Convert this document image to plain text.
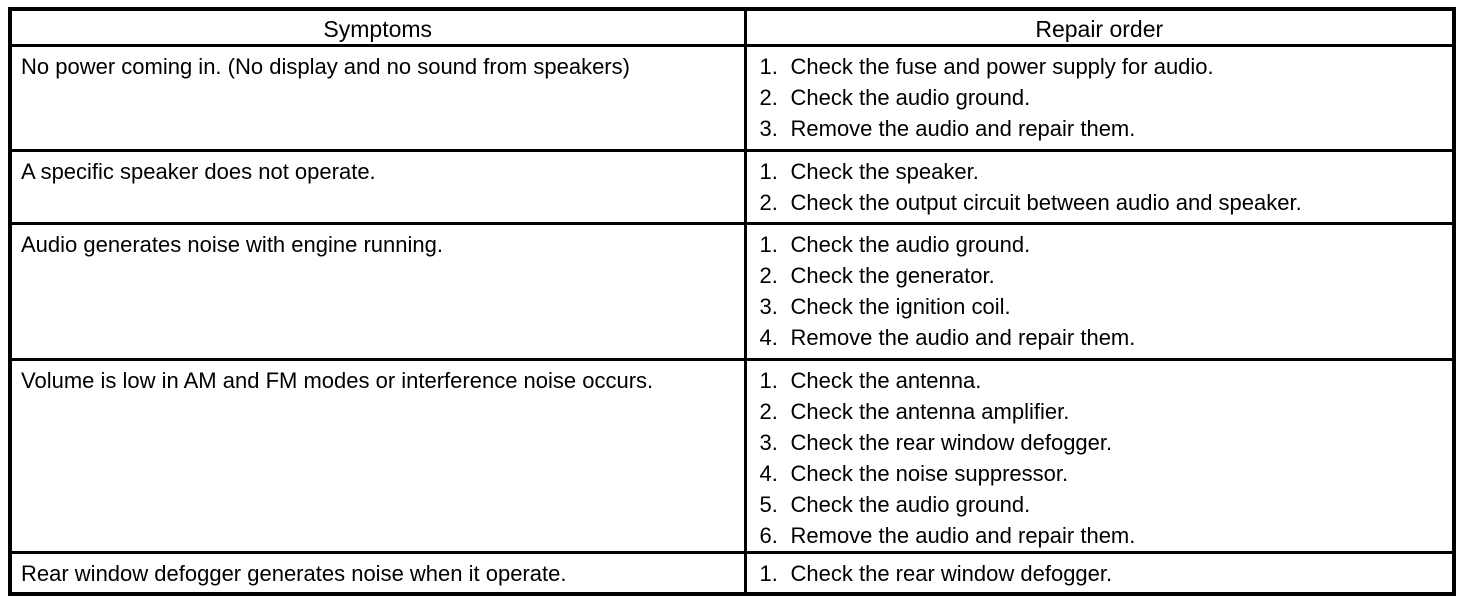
Symptoms	Repair order
No power coming in. (No display and no sound from speakers)	1. Check the fuse and power supply for audio.
2. Check the audio ground.
3. Remove the audio and repair them.

A specific speaker does not operate.	1. Check the speaker.
2. Check the output circuit between audio and speaker.

Audio generates noise with engine running.	1. Check the audio ground.
2. Check the generator.
3. Check the ignition coil.
4. Remove the audio and repair them.

Volume is low in AM and FM modes or interference noise occurs.	1. Check the antenna.
2. Check the antenna amplifier.
3. Check the rear window defogger.
4. Check the noise suppressor.
5. Check the audio ground.
6. Remove the audio and repair them.

Rear window defogger generates noise when it operate.	1. Check the rear window defogger.
